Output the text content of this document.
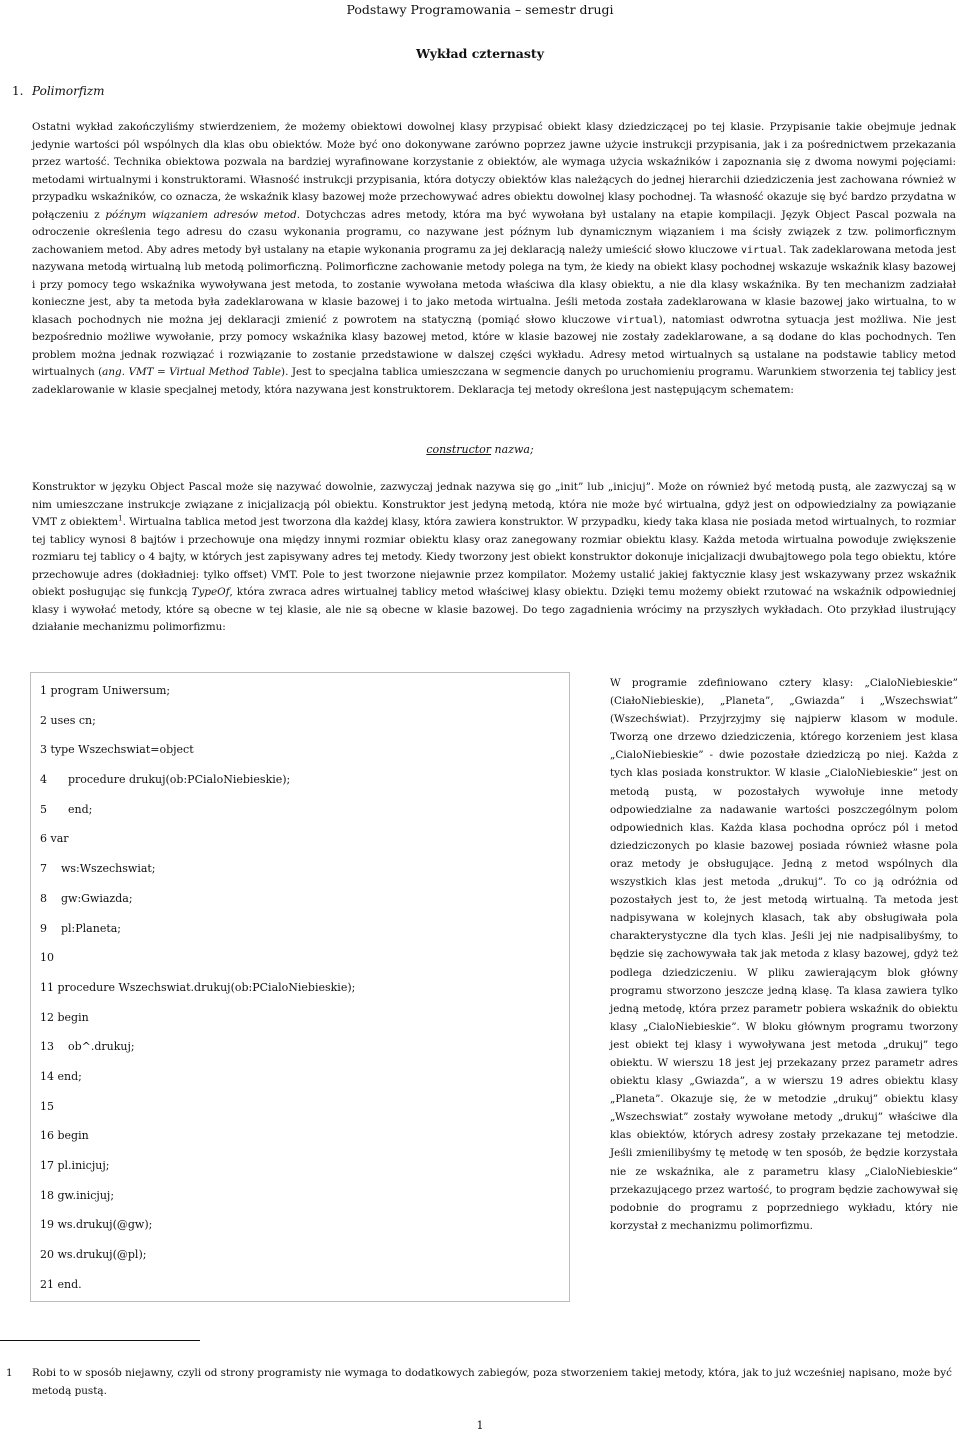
Podstawy Programowania – semestr drugi
Wykład czternasty
1. Polimorfizm

Ostatni wykład zakończyliśmy stwierdzeniem, że możemy obiektowi dowolnej klasy przypisać obiekt klasy dziedziczącej po tej klasie. Przypisanie takie obejmuje jednak jedynie wartości pól wspólnych dla klas obu obiektów. Może być ono dokonywane zarówno poprzez jawne użycie instrukcji przypisania, jak i za pośrednictwem przekazania przez wartość. Technika obiektowa pozwala na bardziej wyrafinowane korzystanie z obiektów, ale wymaga użycia wskaźników i zapoznania się z dwoma nowymi pojęciami: metodami wirtualnymi i konstruktorami. Własność instrukcji przypisania, która dotyczy obiektów klas należących do jednej hierarchii dziedziczenia jest zachowana również w przypadku wskaźników, co oznacza, że wskaźnik klasy bazowej może przechowywać adres obiektu dowolnej klasy pochodnej. Ta własność okazuje się być bardzo przydatna w połączeniu z późnym wiązaniem adresów metod. Dotychczas adres metody, która ma być wywołana był ustalany na etapie kompilacji. Język Object Pascal pozwala na odroczenie określenia tego adresu do czasu wykonania programu, co nazywane jest późnym lub dynamicznym wiązaniem i ma ścisły związek z tzw. polimorficznym zachowaniem metod. Aby adres metody był ustalany na etapie wykonania programu za jej deklaracją należy umieścić słowo kluczowe virtual. Tak zadeklarowana metoda jest nazywana metodą wirtualną lub metodą polimorficzną. Polimorficzne zachowanie metody polega na tym, że kiedy na obiekt klasy pochodnej wskazuje wskaźnik klasy bazowej i przy pomocy tego wskaźnika wywoływana jest metoda, to zostanie wywołana metoda właściwa dla klasy obiektu, a nie dla klasy wskaźnika. By ten mechanizm zadziałał konieczne jest, aby ta metoda była zadeklarowana w klasie bazowej i to jako metoda wirtualna. Jeśli metoda została zadeklarowana w klasie bazowej jako wirtualna, to w klasach pochodnych nie można jej deklaracji zmienić z powrotem na statyczną (pomiąć słowo kluczowe virtual), natomiast odwrotna sytuacja jest możliwa. Nie jest bezpośrednio możliwe wywołanie, przy pomocy wskaźnika klasy bazowej metod, które w klasie bazowej nie zostały zadeklarowane, a są dodane do klas pochodnych. Ten problem można jednak rozwiązać i rozwiązanie to zostanie przedstawione w dalszej części wykładu. Adresy metod wirtualnych są ustalane na podstawie tablicy metod wirtualnych (ang. VMT = Virtual Method Table). Jest to specjalna tablica umieszczana w segmencie danych po uruchomieniu programu. Warunkiem stworzenia tej tablicy jest zadeklarowanie w klasie specjalnej metody, która nazywana jest konstruktorem. Deklaracja tej metody określona jest następującym schematem:

constructor nazwa;

Konstruktor w języku Object Pascal może się nazywać dowolnie, zazwyczaj jednak nazywa się go „init” lub „inicjuj”. Może on również być metodą pustą, ale zazwyczaj są w nim umieszczane instrukcje związane z inicjalizacją pól obiektu. Konstruktor jest jedyną metodą, która nie może być wirtualna, gdyż jest on odpowiedzialny za powiązanie VMT z obiektem$^1$. Wirtualna tablica metod jest tworzona dla każdej klasy, która zawiera konstruktor. W przypadku, kiedy taka klasa nie posiada metod wirtualnych, to rozmiar tej tablicy wynosi 8 bajtów i przechowuje ona między innymi rozmiar obiektu klasy oraz zanegowany rozmiar obiektu klasy. Każda metoda wirtualna powoduje zwiększenie rozmiaru tej tablicy o 4 bajty, w których jest zapisywany adres tej metody. Kiedy tworzony jest obiekt konstruktor dokonuje inicjalizacji dwubajtowego pola tego obiektu, które przechowuje adres (dokładniej: tylko offset) VMT. Pole to jest tworzone niejawnie przez kompilator. Możemy ustalić jakiej faktycznie klasy jest wskazywany przez wskaźnik obiekt posługując się funkcją TypeOf, która zwraca adres wirtualnej tablicy metod właściwej klasy obiektu. Dzięki temu możemy obiekt rzutować na wskaźnik odpowiedniej klasy i wywołać metody, które są obecne w tej klasie, ale nie są obecne w klasie bazowej. Do tego zagadnienia wrócimy na przyszłych wykładach. Oto przykład ilustrujący działanie mechanizmu polimorfizmu:

1 program Uniwersum;
2 uses cn;
3 type Wszechswiat=object
4      procedure drukuj(ob:PCialoNiebieskie);
5      end;
6 var
7    ws:Wszechswiat;
8    gw:Gwiazda;
9    pl:Planeta;
10
11 procedure Wszechswiat.drukuj(ob:PCialoNiebieskie);
12 begin
13    ob^.drukuj;
14 end;
15
16 begin
17 pl.inicjuj;
18 gw.inicjuj;
19 ws.drukuj(@gw);
20 ws.drukuj(@pl);
21 end.

W programie zdefiniowano cztery klasy: „CialoNiebieskie” (CiałoNiebieskie), „Planeta”, „Gwiazda” i „Wszechswiat” (Wszechświat). Przyjrzyjmy się najpierw klasom w module. Tworzą one drzewo dziedziczenia, którego korzeniem jest klasa „CialoNiebieskie” - dwie pozostałe dziedziczą po niej. Każda z tych klas posiada konstruktor. W klasie „CialoNiebieskie” jest on metodą pustą, w pozostałych wywołuje inne metody odpowiedzialne za nadawanie wartości poszczególnym polom odpowiednich klas. Każda klasa pochodna oprócz pól i metod dziedziczonych po klasie bazowej posiada również własne pola oraz metody je obsługujące. Jedną z metod wspólnych dla wszystkich klas jest metoda „drukuj”. To co ją odróżnia od pozostałych jest to, że jest metodą wirtualną. Ta metoda jest nadpisywana w kolejnych klasach, tak aby obsługiwała pola charakterystyczne dla tych klas. Jeśli jej nie nadpisalibyśmy, to będzie się zachowywała tak jak metoda z klasy bazowej, gdyż też podlega dziedziczeniu. W pliku zawierającym blok główny programu stworzono jeszcze jedną klasę. Ta klasa zawiera tylko jedną metodę, która przez parametr pobiera wskaźnik do obiektu klasy „CialoNiebieskie”. W bloku głównym programu tworzony jest obiekt tej klasy i wywoływana jest metoda „drukuj” tego obiektu. W wierszu 18 jest jej przekazany przez parametr adres obiektu klasy „Gwiazda”, a w wierszu 19 adres obiektu klasy „Planeta”. Okazuje się, że w metodzie „drukuj” obiektu klasy „Wszechswiat” zostały wywołane metody „drukuj” właściwe dla klas obiektów, których adresy zostały przekazane tej metodzie. Jeśli zmienilibyśmy tę metodę w ten sposób, że będzie korzystała nie ze wskaźnika, ale z parametru klasy „CialoNiebieskie” przekazującego przez wartość, to program będzie zachowywał się podobnie do programu z poprzedniego wykładu, który nie korzystał z mechanizmu polimorfizmu.

1 Robi to w sposób niejawny, czyli od strony programisty nie wymaga to dodatkowych zabiegów, poza stworzeniem takiej metody, która, jak to już wcześniej napisano, może być metodą pustą.

1
